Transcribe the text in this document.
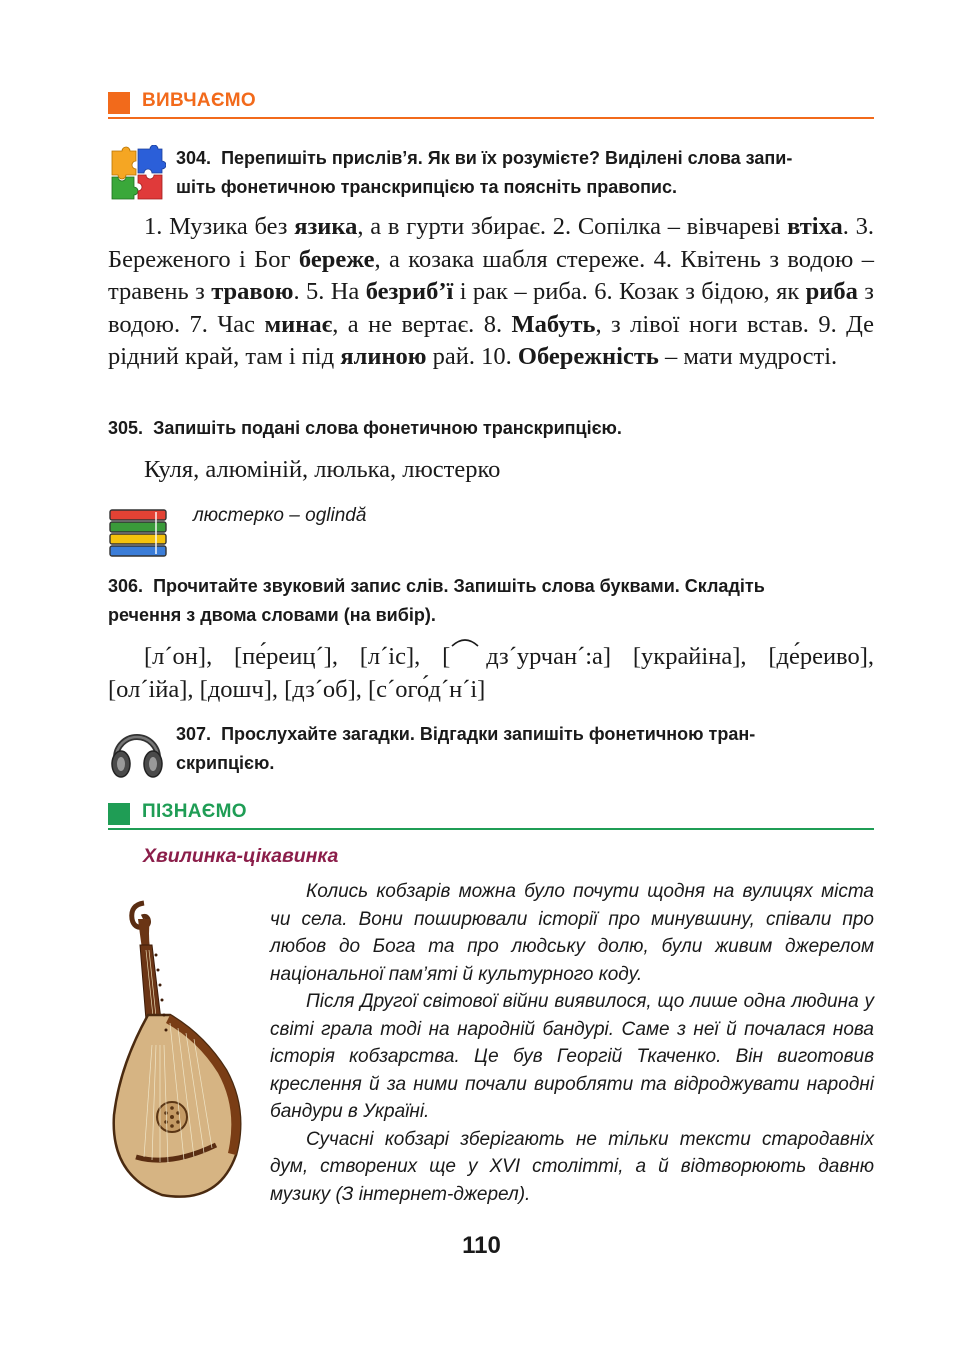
ВИВЧАЄМО
304. Перепишіть прислів’я. Як ви їх розумієте? Виділені слова запи-
шіть фонетичною транскрипцією та поясніть правопис.

1. Музика без язика, а в гурти збирає. 2. Сопілка – вівчареві втіха. 3. Береженого і Бог береже, а козака шабля стереже. 4. Квітень з водою – травень з травою. 5. На безриб’ї і рак – риба. 6. Козак з бідою, як риба з водою. 7. Час минає, а не вертає. 8. Мабуть, з лівої ноги встав. 9. Де рідний край, там і під ялиною рай. 10. Обережність – мати мудрості.

305. Запишіть подані слова фонетичною транскрипцією.

Куля, алюміній, люлька, люстерко

люстерко – oglindă
306. Прочитайте звуковий запис слів. Запишіть слова буквами. Складіть
речення з двома словами (на вибір).

[л´он], [пе́реиц´], [л´іс], [ дз
´урчан´:а] [украйіна], [де́реиво],

[ол´ійа], [дошч], [дз´об], [с´ого́д´н´і]

307. Прослухайте загадки. Відгадки запишіть фонетичною тран-
скрипцією.
ПІЗНАЄМО
Хвилинка-цікавинка

Колись кобзарів можна було почути щодня на вулицях міста чи села. Вони поширювали історії про минувшину, співали про любов до Бога та про людську долю, були живим джерелом національної пам’яті й культурного коду.

Після Другої світової війни виявилося, що лише одна людина у світі грала тоді на народній бандурі. Саме з неї й почалася нова історія кобзарства. Це був Георгій Ткаченко. Він виготовив креслення й за ними почали виробляти та відроджувати народні бандури в Україні.

Сучасні кобзарі зберігають не тільки тексти стародавніх дум, створених ще у XVI столітті, а й відтворюють давню музику (З інтернет-джерел).

110
